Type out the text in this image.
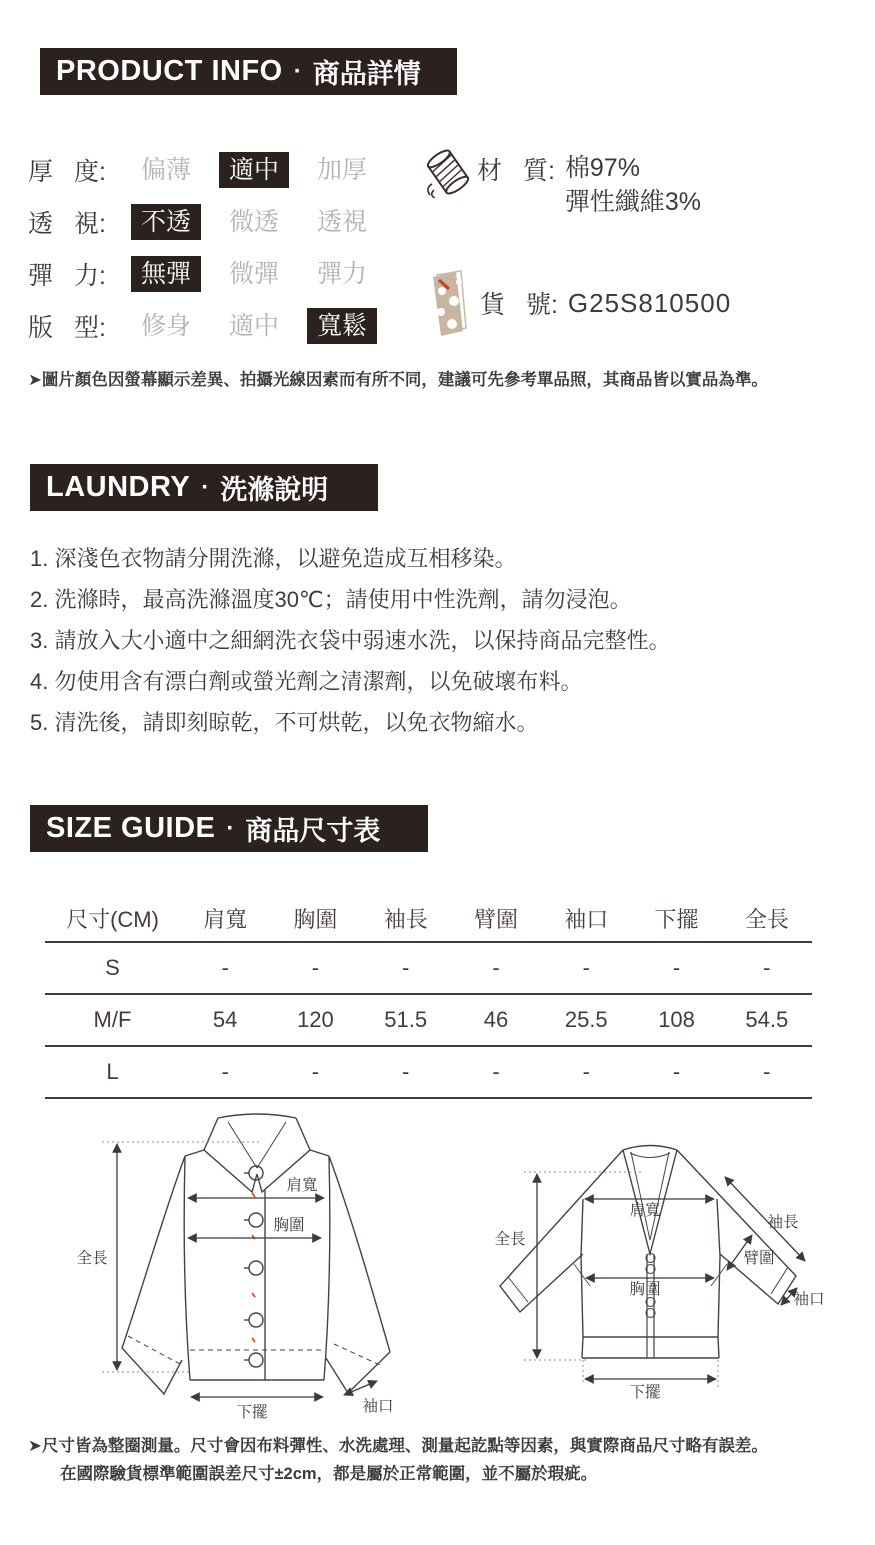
PRODUCT INFO · 商品詳情
厚 度:	偏薄	適中	加厚
透 視:	不透	微透	透視
彈 力:	無彈	微彈	彈力
版 型:	修身	適中	寬鬆
材 質: 棉97%
彈性纖維3%
貨 號: G25S810500
➤圖片顏色因螢幕顯示差異、拍攝光線因素而有所不同，建議可先參考單品照，其商品皆以實品為準。
LAUNDRY · 洗滌說明
1. 深淺色衣物請分開洗滌，以避免造成互相移染。
2. 洗滌時，最高洗滌溫度30℃；請使用中性洗劑，請勿浸泡。
3. 請放入大小適中之細網洗衣袋中弱速水洗，以保持商品完整性。
4. 勿使用含有漂白劑或螢光劑之清潔劑，以免破壞布料。
5. 清洗後，請即刻晾乾，不可烘乾，以免衣物縮水。
SIZE GUIDE · 商品尺寸表
尺寸(CM)	肩寬	胸圍	袖長	臂圍	袖口	下擺	全長
S	-	-	-	-	-	-	-
M/F	54	120	51.5	46	25.5	108	54.5
L	-	-	-	-	-	-	-
全長
肩寬
胸圍
下擺	袖口
全長
肩寬
袖長
臂圍
胸圍
袖口
下擺
➤尺寸皆為整圈測量。尺寸會因布料彈性、水洗處理、測量起訖點等因素，與實際商品尺寸略有誤差。
在國際驗貨標準範圍誤差尺寸±2cm，都是屬於正常範圍，並不屬於瑕疵。
